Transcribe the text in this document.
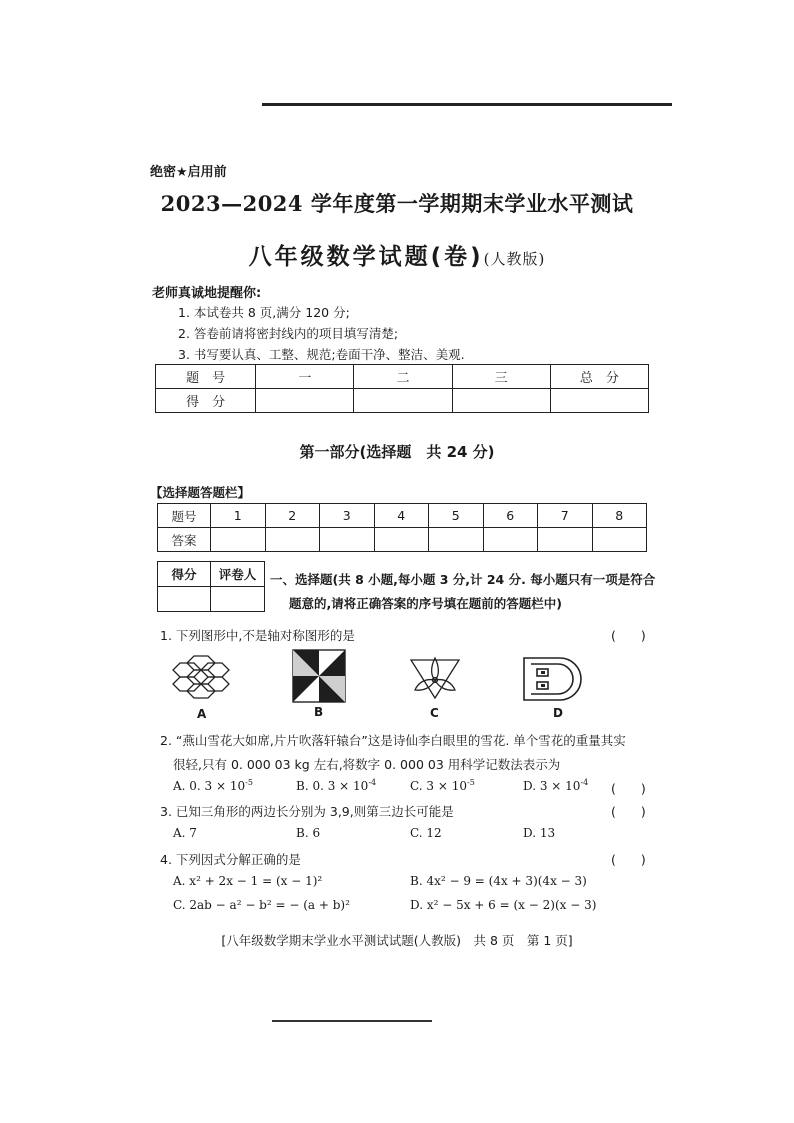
绝密★启用前
2023—2024 学年度第一学期期末学业水平测试
八年级数学试题(卷)(人教版)
老师真诚地提醒你:
1. 本试卷共 8 页,满分 120 分;
2. 答卷前请将密封线内的项目填写清楚;
3. 书写要认真、工整、规范;卷面干净、整洁、美观.
题　号	一	二	三	总　分
得　分				
第一部分(选择题　共 24 分)
【选择题答题栏】
题号	1	2	3	4	5	6	7	8
答案								
得分	评卷人
	一、选择题(共 8 小题,每小题 3 分,计 24 分. 每小题只有一项是符合
题意的,请将正确答案的序号填在题前的答题栏中)
1. 下列图形中,不是轴对称图形的是	(　　)
A	B	C	D
2. “燕山雪花大如席,片片吹落轩辕台”这是诗仙李白眼里的雪花. 单个雪花的重量其实
很轻,只有 0. 000 03 kg 左右,将数字 0. 000 03 用科学记数法表示为
(　　)
A. 0. $3 \times 10^{-5}$	B. 0. $3 \times 10^{-4}$	C. $3 \times 10^{-5}$	D. $3 \times 10^{-4}$
3. 已知三角形的两边长分别为 3,9,则第三边长可能是	(　　)
A. 7	B. 6	C. 12	D. 13
4. 下列因式分解正确的是	(　　)
A. x² + 2x − 1 = (x − 1)²	B. 4x² − 9 = (4x + 3)(4x − 3)
C. 2ab − a² − b² = − (a + b)²	D. x² − 5x + 6 = (x − 2)(x − 3)
[八年级数学期末学业水平测试试题(人教版)　共 8 页　第 1 页]
